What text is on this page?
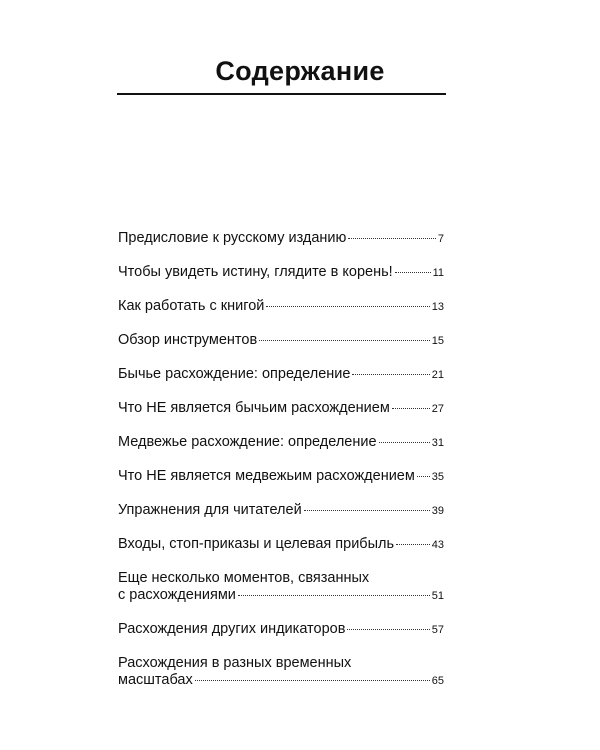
Содержание
Предисловие к русскому изданию	7
Чтобы увидеть истину, глядите в корень!	11
Как работать с книгой	13
Обзор инструментов	15
Бычье расхождение: определение	21
Что НЕ является бычьим расхождением	27
Медвежье расхождение: определение	31
Что НЕ является медвежьим расхождением 35
Упражнения для читателей	39
Входы, стоп-приказы и целевая прибыль	43
Еще несколько моментов, связанных
с расхождениями	51
Расхождения других индикаторов	57
Расхождения в разных временных
масштабах	65
